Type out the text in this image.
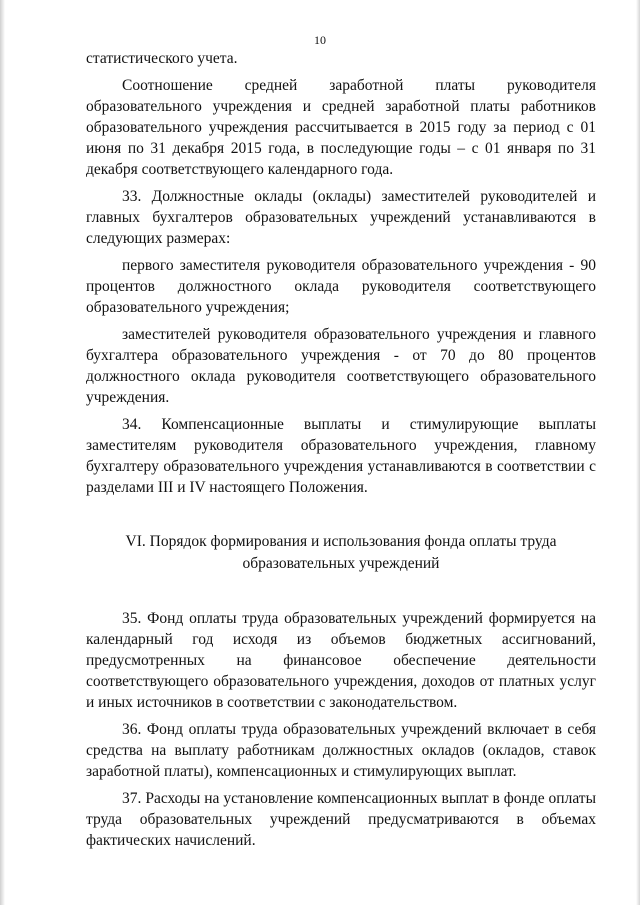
10

статистического учета.

Соотношение средней заработной платы руководителя образовательного учреждения и средней заработной платы работников образовательного учреждения рассчитывается в 2015 году за период с 01 июня по 31 декабря 2015 года, в последующие годы – с 01 января по 31 декабря соответствующего календарного года.

33. Должностные оклады (оклады) заместителей руководителей и главных бухгалтеров образовательных учреждений устанавливаются в следующих размерах:

первого заместителя руководителя образовательного учреждения - 90 процентов должностного оклада руководителя соответствующего образовательного учреждения;

заместителей руководителя образовательного учреждения и главного бухгалтера образовательного учреждения - от 70 до 80 процентов должностного оклада руководителя соответствующего образовательного учреждения.

34. Компенсационные выплаты и стимулирующие выплаты заместителям руководителя образовательного учреждения, главному бухгалтеру образовательного учреждения устанавливаются в соответствии с разделами III и IV настоящего Положения.

VI. Порядок формирования и использования фонда оплаты труда
образовательных учреждений

35. Фонд оплаты труда образовательных учреждений формируется на календарный год исходя из объемов бюджетных ассигнований, предусмотренных на финансовое обеспечение деятельности соответствующего образовательного учреждения, доходов от платных услуг и иных источников в соответствии с законодательством.

36. Фонд оплаты труда образовательных учреждений включает в себя средства на выплату работникам должностных окладов (окладов, ставок заработной платы), компенсационных и стимулирующих выплат.

37. Расходы на установление компенсационных выплат в фонде оплаты труда образовательных учреждений предусматриваются в объемах фактических начислений.
